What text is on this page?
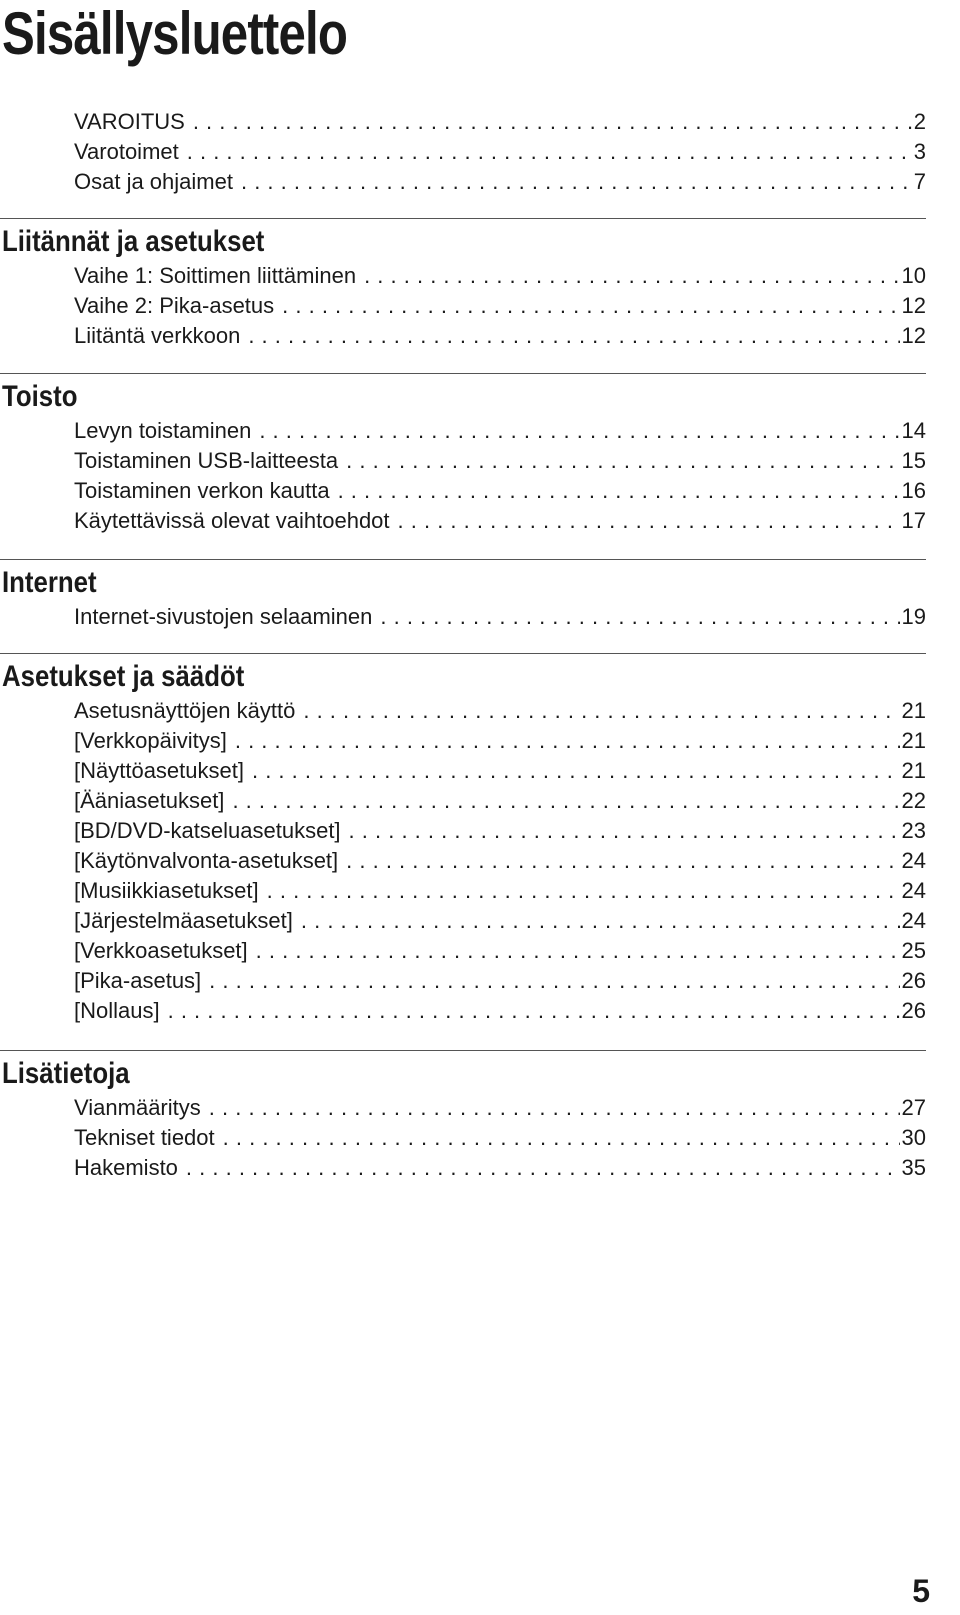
Sisällysluettelo
VAROITUS . . .	2
Varotoimet . . .	3
Osat ja ohjaimet . . .	7
Liitännät ja asetukset
Vaihe 1: Soittimen liittäminen . . .	10
Vaihe 2: Pika-asetus . . .	12
Liitäntä verkkoon . . .	12
Toisto
Levyn toistaminen . . .	14
Toistaminen USB-laitteesta . . .	15
Toistaminen verkon kautta . . .	16
Käytettävissä olevat vaihtoehdot . . .	17
Internet
Internet-sivustojen selaaminen . . .	19
Asetukset ja säädöt
Asetusnäyttöjen käyttö . . .	21
[Verkkopäivitys] . . .	21
[Näyttöasetukset] . . .	21
[Ääniasetukset] . . .	22
[BD/DVD-katseluasetukset] . . .	23
[Käytönvalvonta-asetukset] . . .	24
[Musiikkiasetukset] . . .	24
[Järjestelmäasetukset] . . .	24
[Verkkoasetukset] . . .	25
[Pika-asetus] . . .	26
[Nollaus] . . .	26
Lisätietoja
Vianmääritys . . .	27
Tekniset tiedot . . .	30
Hakemisto . . .	35

5
